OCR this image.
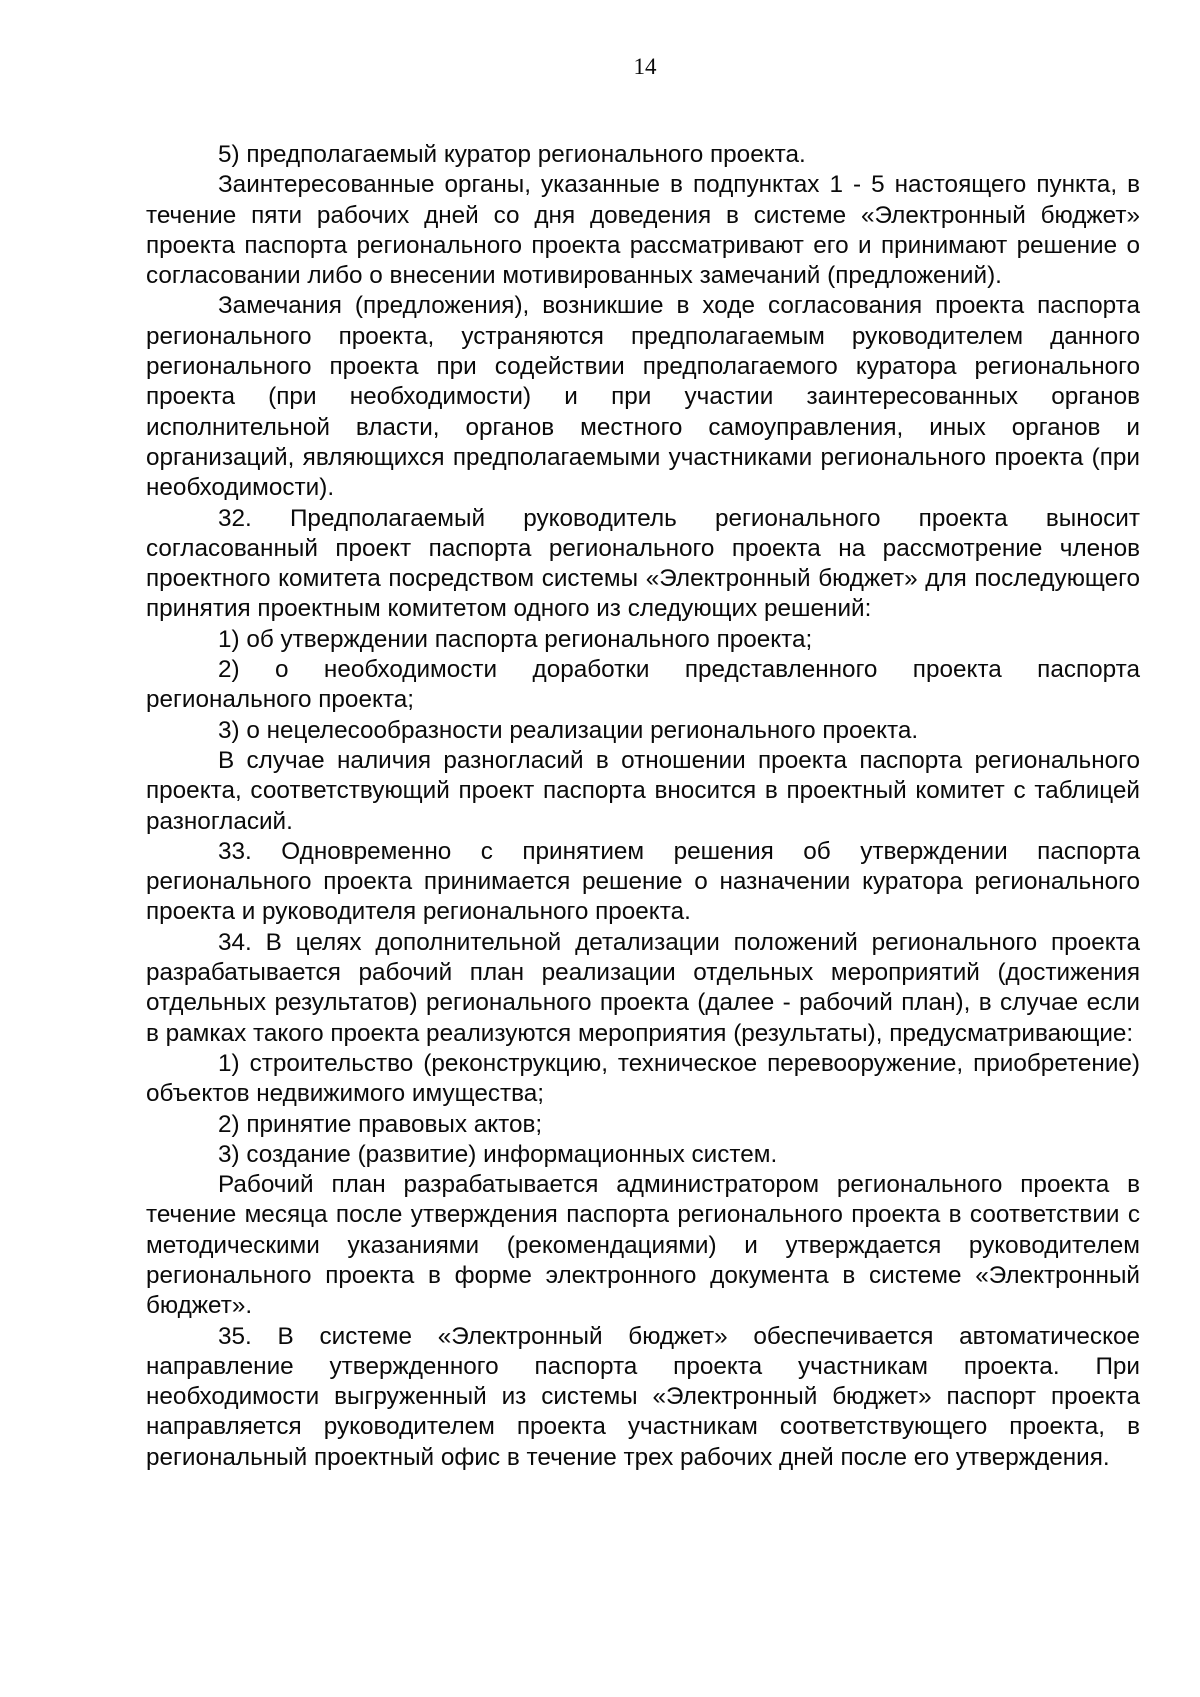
14

5) предполагаемый куратор регионального проекта.

Заинтересованные органы, указанные в подпунктах 1 - 5 настоящего пункта, в течение пяти рабочих дней со дня доведения в системе «Электронный бюджет» проекта паспорта регионального проекта рассматривают его и принимают решение о согласовании либо о внесении мотивированных замечаний (предложений).

Замечания (предложения), возникшие в ходе согласования проекта паспорта регионального проекта, устраняются предполагаемым руководителем данного регионального проекта при содействии предполагаемого куратора регионального проекта (при необходимости) и при участии заинтересованных органов исполнительной власти, органов местного самоуправления, иных органов и организаций, являющихся предполагаемыми участниками регионального проекта (при необходимости).

32. Предполагаемый руководитель регионального проекта выносит согласованный проект паспорта регионального проекта на рассмотрение членов проектного комитета посредством системы «Электронный бюджет» для последующего принятия проектным комитетом одного из следующих решений:

1) об утверждении паспорта регионального проекта;

2) о необходимости доработки представленного проекта паспорта регионального проекта;

3) о нецелесообразности реализации регионального проекта.

В случае наличия разногласий в отношении проекта паспорта регионального проекта, соответствующий проект паспорта вносится в проектный комитет с таблицей разногласий.

33. Одновременно с принятием решения об утверждении паспорта регионального проекта принимается решение о назначении куратора регионального проекта и руководителя регионального проекта.

34. В целях дополнительной детализации положений регионального проекта разрабатывается рабочий план реализации отдельных мероприятий (достижения отдельных результатов) регионального проекта (далее - рабочий план), в случае если в рамках такого проекта реализуются мероприятия (результаты), предусматривающие:

1) строительство (реконструкцию, техническое перевооружение, приобретение) объектов недвижимого имущества;

2) принятие правовых актов;

3) создание (развитие) информационных систем.

Рабочий план разрабатывается администратором регионального проекта в течение месяца после утверждения паспорта регионального проекта в соответствии с методическими указаниями (рекомендациями) и утверждается руководителем регионального проекта в форме электронного документа в системе «Электронный бюджет».

35. В системе «Электронный бюджет» обеспечивается автоматическое направление утвержденного паспорта проекта участникам проекта. При необходимости выгруженный из системы «Электронный бюджет» паспорт проекта направляется руководителем проекта участникам соответствующего проекта, в региональный проектный офис в течение трех рабочих дней после его утверждения.
